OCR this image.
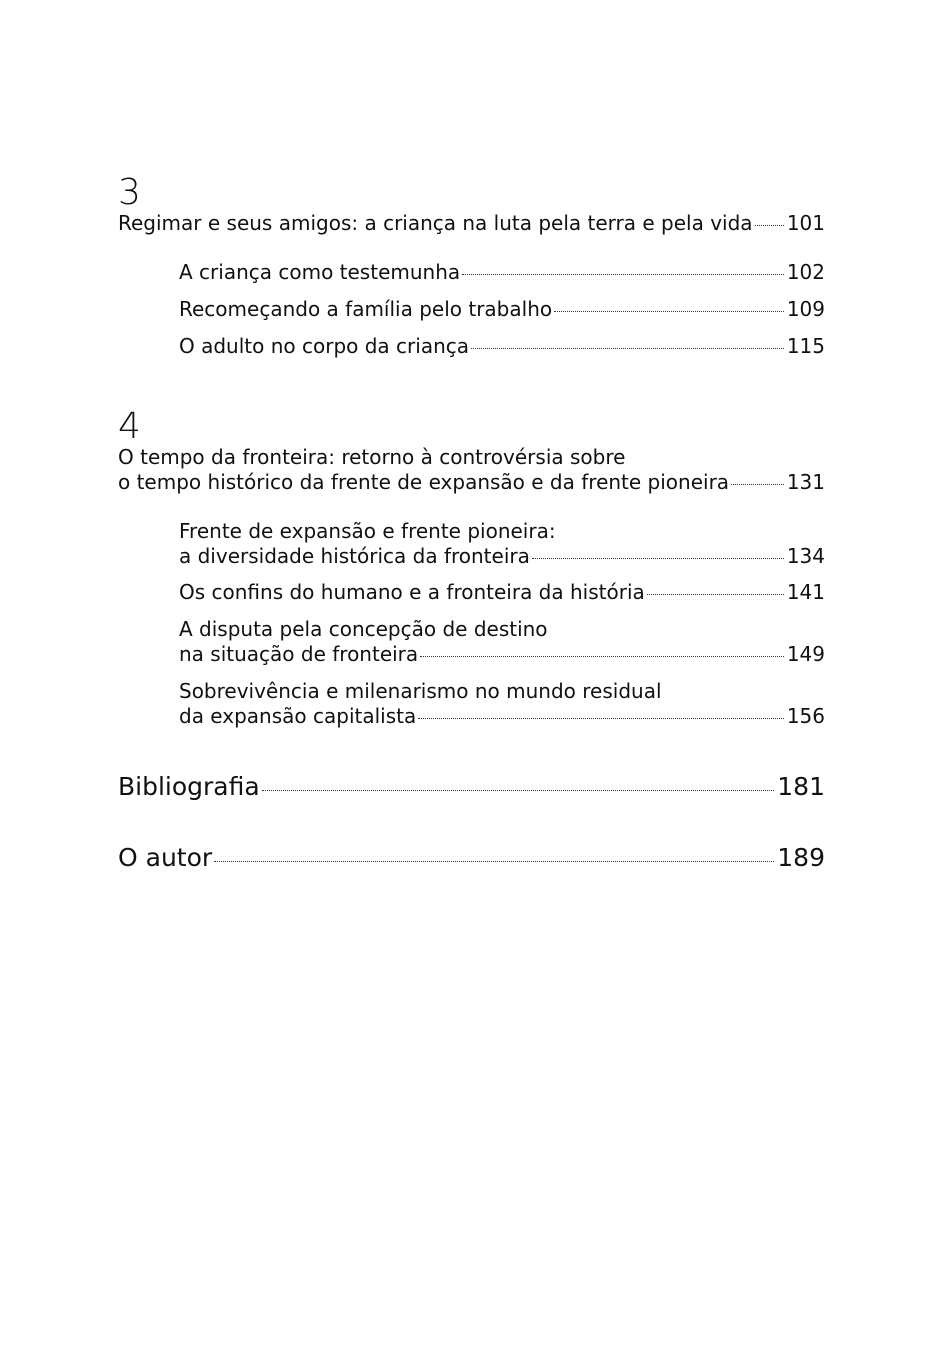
3
Regimar e seus amigos: a criança na luta pela terra e pela vida 101
A criança como testemunha	102
Recomeçando a família pelo trabalho	109
O adulto no corpo da criança	115
4
O tempo da fronteira: retorno à controvérsia sobre
o tempo histórico da frente de expansão e da frente pioneira	131
Frente de expansão e frente pioneira:
a diversidade histórica da fronteira	134
Os confins do humano e a fronteira da história	141
A disputa pela concepção de destino
na situação de fronteira	149
Sobrevivência e milenarismo no mundo residual
da expansão capitalista	156
Bibliografia	181
O autor	189
